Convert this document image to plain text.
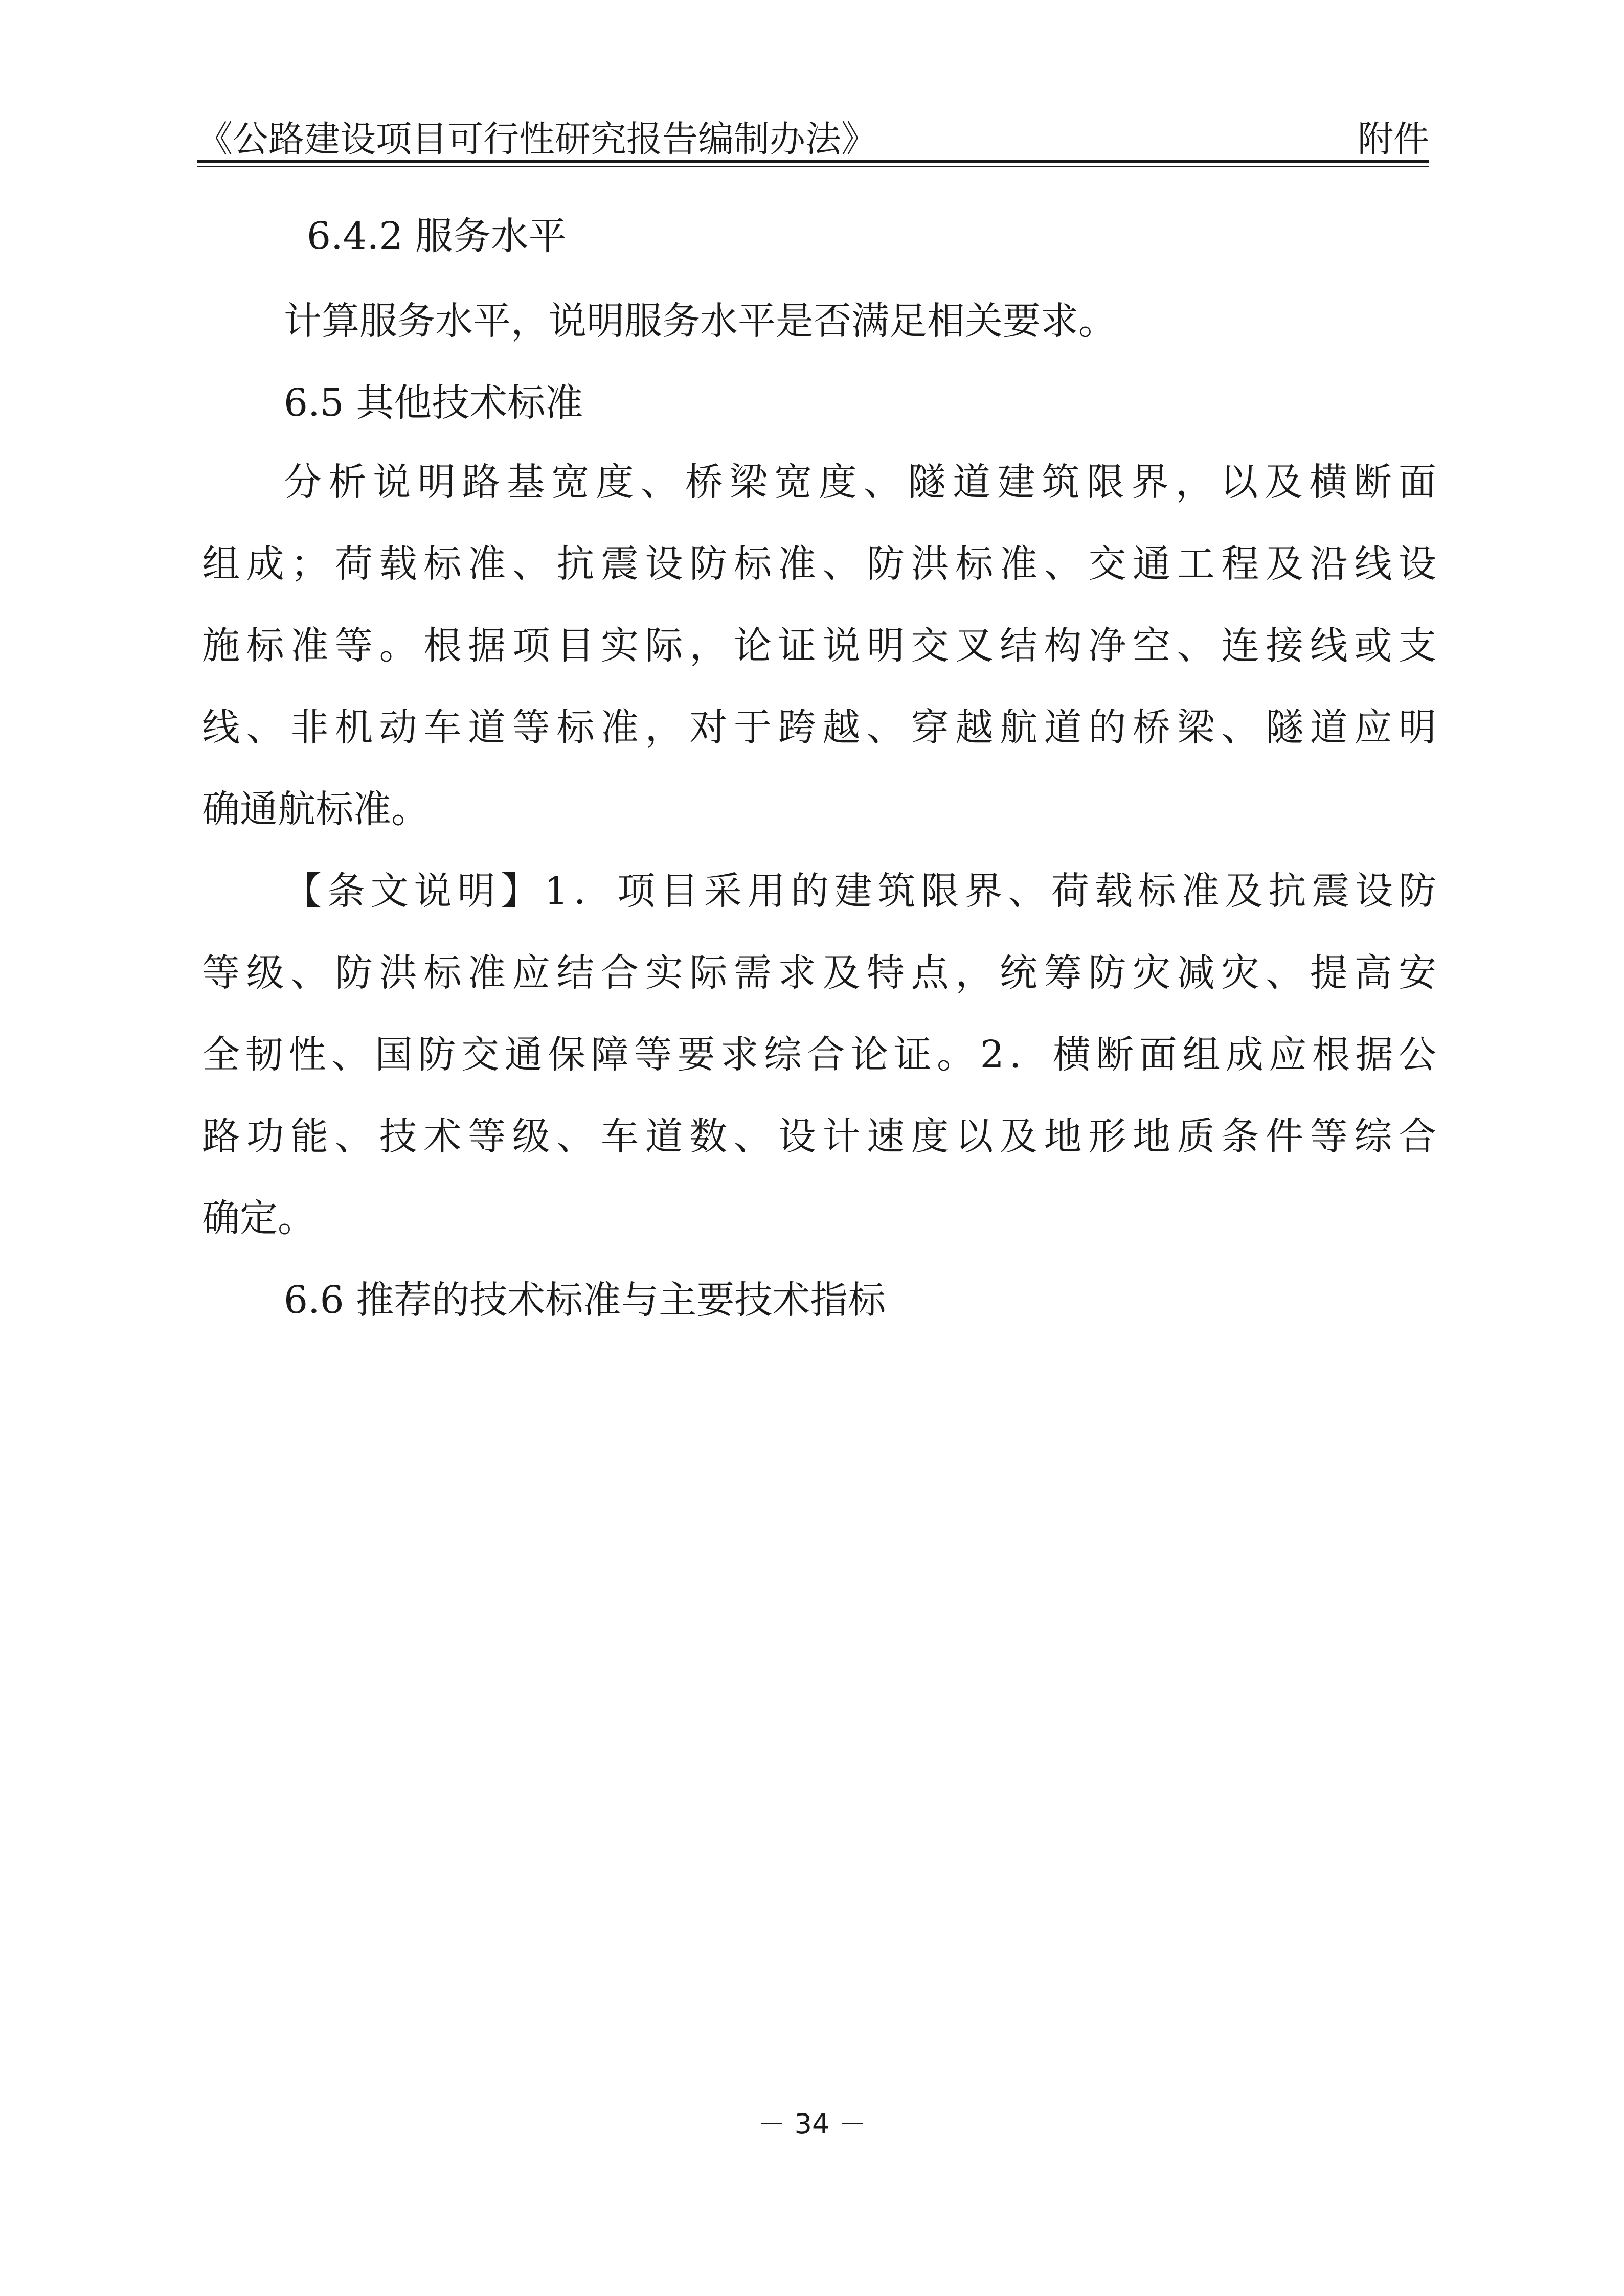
《公路建设项目可行性研究报告编制办法》	附件
6.4.2 服务水平
计算服务水平，说明服务水平是否满足相关要求。
6.5 其他技术标准
分析说明路基宽度、桥梁宽度、隧道建筑限界，以及横断面
组成；荷载标准、抗震设防标准、防洪标准、交通工程及沿线设
施标准等。根据项目实际，论证说明交叉结构净空、连接线或支
线、非机动车道等标准，对于跨越、穿越航道的桥梁、隧道应明
确通航标准。
【条文说明】1．项目采用的建筑限界、荷载标准及抗震设防
等级、防洪标准应结合实际需求及特点，统筹防灾减灾、提高安
全韧性、国防交通保障等要求综合论证。2．横断面组成应根据公
路功能、技术等级、车道数、设计速度以及地形地质条件等综合
确定。
6.6 推荐的技术标准与主要技术指标
－ 34 －
